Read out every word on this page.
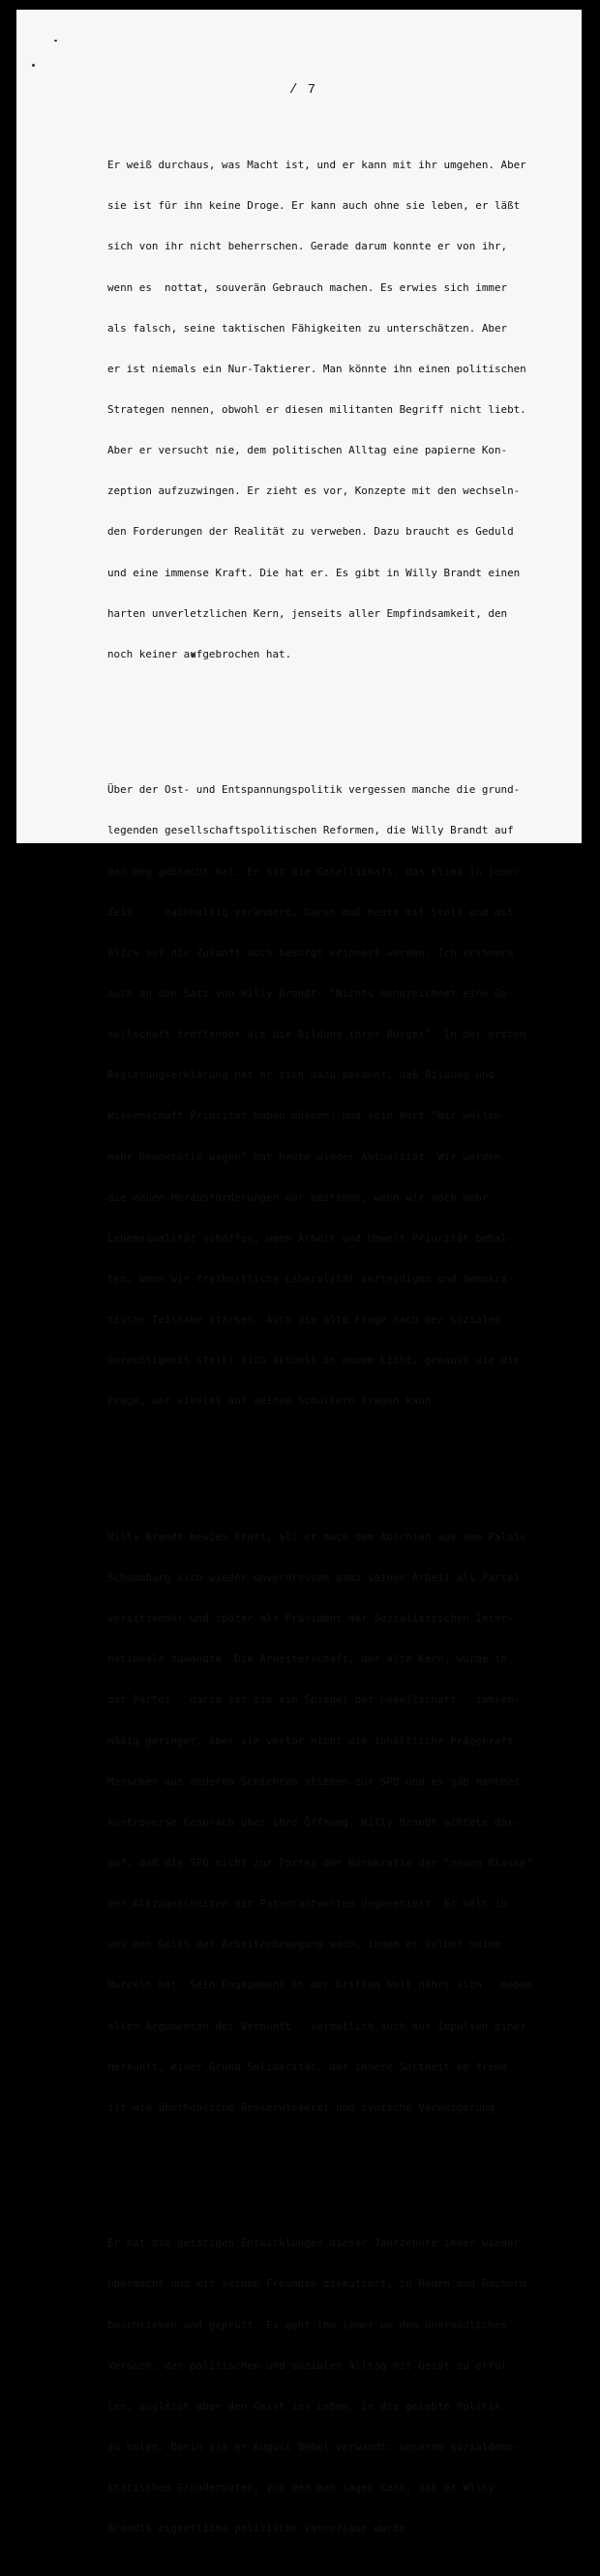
/ 7

Er weiß durchaus, was Macht ist, und er kann mit ihr umgehen. Aber

sie ist für ihn keine Droge. Er kann auch ohne sie leben, er läßt

sich von ihr nicht beherrschen. Gerade darum konnte er von ihr,

wenn es  nottat, souverän Gebrauch machen. Es erwies sich immer

als falsch, seine taktischen Fähigkeiten zu unterschätzen. Aber

er ist niemals ein Nur-Taktierer. Man könnte ihn einen politischen

Strategen nennen, obwohl er diesen militanten Begriff nicht liebt.

Aber er versucht nie, dem politischen Alltag eine papierne Kon-

zeption aufzuzwingen. Er zieht es vor, Konzepte mit den wechseln-

den Forderungen der Realität zu verweben. Dazu braucht es Geduld

und eine immense Kraft. Die hat er. Es gibt in Willy Brandt einen

harten unverletzlichen Kern, jenseits aller Empfindsamkeit, den

noch keiner aufgebrochen hat.

Über der Ost- und Entspannungspolitik vergessen manche die grund-

legenden gesellschaftspolitischen Reformen, die Willy Brandt auf

den Weg gebracht hat. Er hat die Gesellschaft, das Klima in jener

Zeit     nachhaltig verändert. Daran muß heute mit Stolz und mit

Blick auf die Zukunft auch besorgt erinnert werden. Ich erinnere

auch an den Satz von Willy Brandt: "Nichts kennzeichnet eine Ge-

sellschaft treffender als die Bildung ihrer Bürger". In der ersten

Regierungserklärung hat er sich dazu bekannt, daß Bildung und

Wissenschaft Priorität haben müssen. Und sein Wort "Wir wollen

mehr Demokratie wagen" hat heute wieder Aktualität. Wir werden

die neuen Herausforderungen nur bestehen, wenn wir noch mehr

Lebensqualität schaffen, wenn Arbeit und Umwelt Priorität behal-

ten, wenn wir freiheitliche Liberalität verteidigen und demokra-

tische Teilhabe stärken. Auch die alte Frage nach der sozialen

Gerechtigkeit stellt sich aktuell in neuem Licht, genauso wie die

Frage, wer wieviel auf seinen Schultern tragen kann.

Willy Brandt bewies Kraft, als er nach dem Abschied aus dem Palais

Schaumburg sich wieder unverdrossen ganz seiner Arbeit als Partei-

vorsitzender und später als Präsident der Sozialistischen Inter-

nationale zuwandte. Die Arbeiterschaft, der alte Kern, wurde in

der Partei - darin ist sie ein Spiegel der Gesellschaft - zahlen-

mäßig geringer, aber sie verlor nicht die inhaltliche Prägekraft.

Menschen aus anderen Schichten stießen zur SPD und es gab manches

kontroverse Gespräch über ihre Öffnung. Willy Brandt achtete dar-

auf, daß die SPD nicht zur Partei der Bürokratie der "neuen Klasse"

der Allzugescheiten mit Patentantworten degeneriert. Er hält in

uns den Geist der Arbeiterbewegung wach, indem er selber seine

Wurzeln hat. Sein Engagement in der Dritten Welt nährt sich - neben

allen Argumenten der Vernunft - vermutlich auch aus Impulsen einer

Herkunft, einer Grund-Solidarität, der innere Sattheit so fremd

ist wie überhebliche Besserwisserei und zynische Verweigerung.

Er hat die geistigen Entwicklungen dieser Jahrzehnte immer wieder

überdacht und mit seinen Freunden diskutiert, in Reden und Büchern

beschrieben und geprüft. Es geht ihm immer um den unermüdlichen

Versuch, den politischen und sozialen Alltag mit Geist zu erfül-

len, zugleich aber den Geist ins Leben, in die gelebte Politik

zu holen. Darin ist er August Bebel verwandt: unserem sozialdemo-

kratischen Gründervater, von dem man sagen kann, daß er Willy

Brandts eigentliche politische Vaterfigur wurde.
